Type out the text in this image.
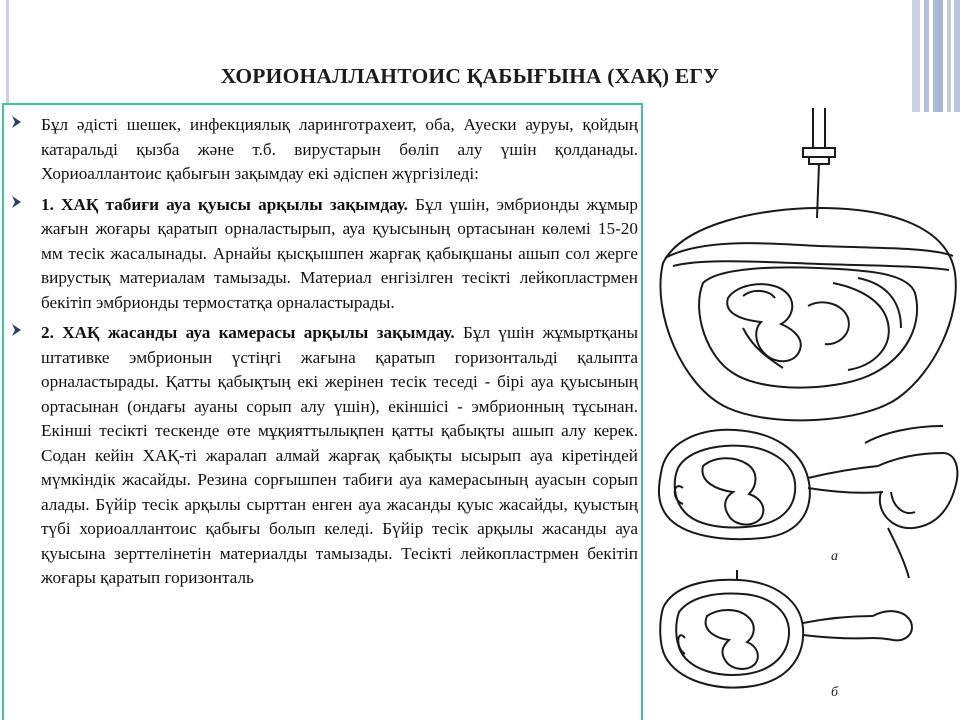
ХОРИОНАЛЛАНТОИС ҚАБЫҒЫНА (ХАҚ) ЕГУ
Бұл әдісті шешек, инфекциялық ларинготрахеит, оба, Ауески ауруы, қойдың катаральді қызба және т.б. вирустарын бөліп алу үшін қолданады. Хориоаллантоис қабығын зақымдау екі әдіспен жүргізіледі:
1. ХАҚ табиғи ауа қуысы арқылы зақымдау. Бұл үшін, эмбрионды жұмыр жағын жоғары қаратып орналастырып, ауа қуысының ортасынан көлемі 15-20 мм тесік жасалынады. Арнайы қысқышпен жарғақ қабықшаны ашып сол жерге вирустық материалам тамызады. Материал енгізілген тесікті лейкопластрмен бекітіп эмбрионды термостатқа орналастырады.
2. ХАҚ жасанды ауа камерасы арқылы зақымдау. Бұл үшін жұмыртқаны штативке эмбрионын үстіңгі жағына қаратып горизонтальді қалыпта орналастырады. Қатты қабықтың екі жерінен тесік теседі - бірі ауа қуысының ортасынан (ондағы ауаны сорып алу үшін), екіншісі - эмбрионның тұсынан. Екінші тесікті тескенде өте мұқияттылықпен қатты қабықты ашып алу керек. Содан кейін ХАҚ-ті жаралап алмай жарғақ қабықты ысырып ауа кіретіндей мүмкіндік жасайды. Резина сорғышпен табиғи ауа камерасының ауасын сорып алады. Бүйір тесік арқылы сырттан енген ауа жасанды қуыс жасайды, қуыстың түбі хориоаллантоис қабығы болып келеді. Бүйір тесік арқылы жасанды ауа қуысына зерттелінетін материалды тамызады. Тесікті лейкопластрмен бекітіп жоғары қаратып горизонталь
а
б
